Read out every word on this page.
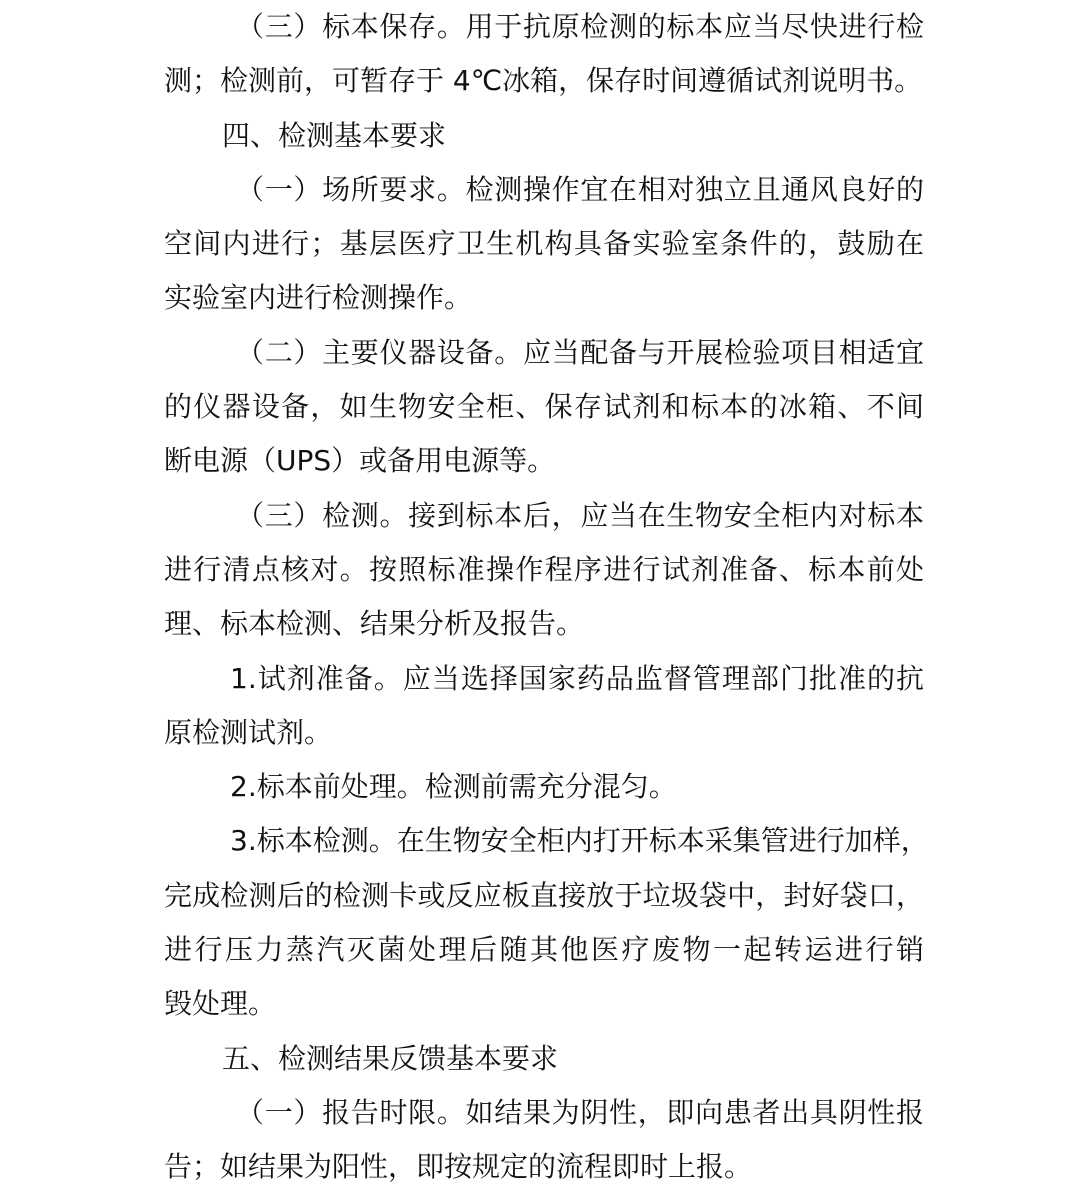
（三）标本保存。用于抗原检测的标本应当尽快进行检
测；检测前，可暂存于 4℃冰箱，保存时间遵循试剂说明书。
四、检测基本要求
（一）场所要求。检测操作宜在相对独立且通风良好的
空间内进行；基层医疗卫生机构具备实验室条件的，鼓励在
实验室内进行检测操作。
（二）主要仪器设备。应当配备与开展检验项目相适宜
的仪器设备，如生物安全柜、保存试剂和标本的冰箱、不间
断电源（UPS）或备用电源等。
（三）检测。接到标本后，应当在生物安全柜内对标本
进行清点核对。按照标准操作程序进行试剂准备、标本前处
理、标本检测、结果分析及报告。
1.试剂准备。应当选择国家药品监督管理部门批准的抗
原检测试剂。
2.标本前处理。检测前需充分混匀。
3.标本检测。在生物安全柜内打开标本采集管进行加样，
完成检测后的检测卡或反应板直接放于垃圾袋中，封好袋口，
进行压力蒸汽灭菌处理后随其他医疗废物一起转运进行销
毁处理。
五、检测结果反馈基本要求
（一）报告时限。如结果为阴性，即向患者出具阴性报
告；如结果为阳性，即按规定的流程即时上报。
